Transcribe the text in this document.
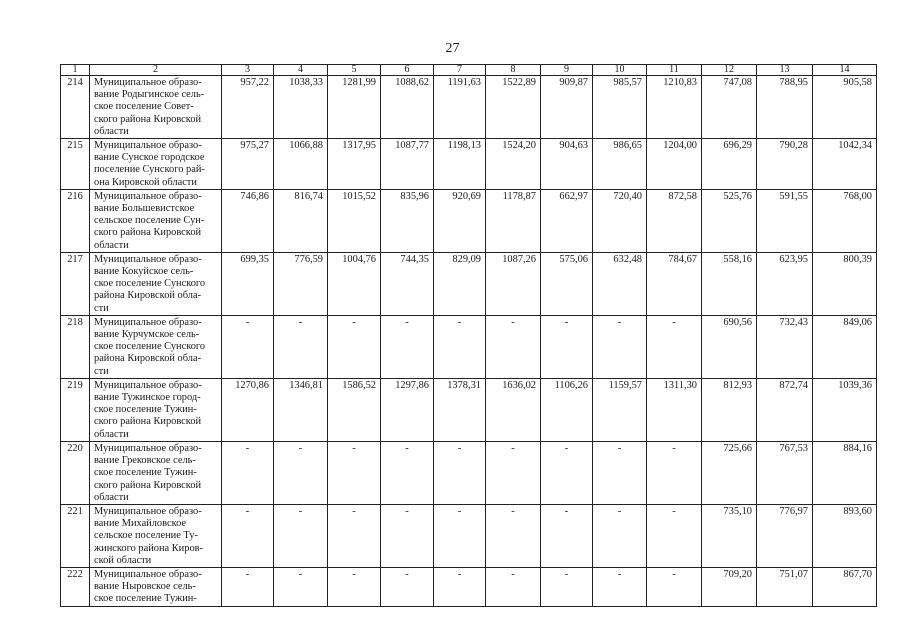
27
1	2	3	4	5	6	7	8	9	10	11	12	13	14
214	Муниципальное образо-
вание Родыгинское сель-
ское поселение Совет-
ского района Кировской
области	957,22	1038,33	1281,99	1088,62	1191,63	1522,89	909,87	985,57	1210,83	747,08	788,95	905,58
215	Муниципальное образо-
вание Сунское городское
поселение Сунского рай-
она Кировской области	975,27	1066,88	1317,95	1087,77	1198,13	1524,20	904,63	986,65	1204,00	696,29	790,28	1042,34
216	Муниципальное образо-
вание Большевистское
сельское поселение Сун-
ского района Кировской
области	746,86	816,74	1015,52	835,96	920,69	1178,87	662,97	720,40	872,58	525,76	591,55	768,00
217	Муниципальное образо-
вание Кокуйское сель-
ское поселение Сунского
района Кировской обла-
сти	699,35	776,59	1004,76	744,35	829,09	1087,26	575,06	632,48	784,67	558,16	623,95	800,39
218	Муниципальное образо-
вание Курчумское сель-
ское поселение Сунского
района Кировской обла-
сти	-	-	-	-	-	-	-	-	-	690,56	732,43	849,06
219	Муниципальное образо-
вание Тужинское город-
ское поселение Тужин-
ского района Кировской
области	1270,86	1346,81	1586,52	1297,86	1378,31	1636,02	1106,26	1159,57	1311,30	812,93	872,74	1039,36
220	Муниципальное образо-
вание Грековское сель-
ское поселение Тужин-
ского района Кировской
области	-	-	-	-	-	-	-	-	-	725,66	767,53	884,16
221	Муниципальное образо-
вание Михайловское
сельское поселение Ту-
жинского района Киров-
ской области	-	-	-	-	-	-	-	-	-	735,10	776,97	893,60
222	Муниципальное образо-
вание Ныровское сель-
ское поселение Тужин-	-	-	-	-	-	-	-	-	-	709,20	751,07	867,70
